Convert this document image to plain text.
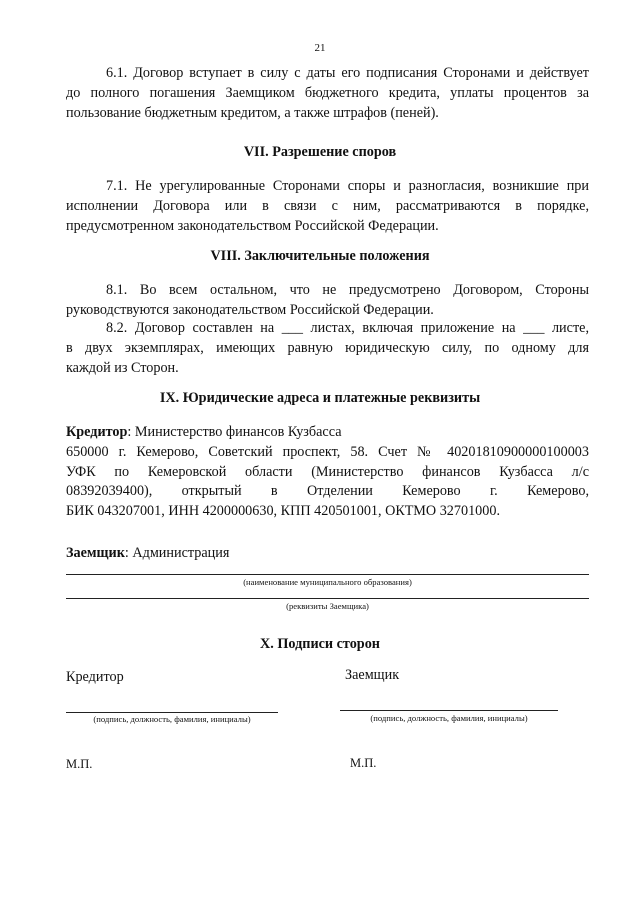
21
6.1. Договор вступает в силу с даты его подписания Сторонами и действует
до полного погашения Заемщиком бюджетного кредита, уплаты процентов за
пользование бюджетным кредитом, а также штрафов (пеней).
VII. Разрешение споров
7.1. Не урегулированные Сторонами споры и разногласия, возникшие при
исполнении Договора или в связи с ним, рассматриваются в порядке,
предусмотренном законодательством Российской Федерации.
VIII. Заключительные положения
8.1. Во всем остальном, что не предусмотрено Договором, Стороны
руководствуются законодательством Российской Федерации.
8.2. Договор составлен на ___ листах, включая приложение на ___ листе,
в двух экземплярах, имеющих равную юридическую силу, по одному для
каждой из Сторон.
IX. Юридические адреса и платежные реквизиты
Кредитор: Министерство финансов Кузбасса
650000 г. Кемерово, Советский проспект, 58. Счет № 40201810900000100003
УФК по Кемеровской области (Министерство финансов Кузбасса л/с
08392039400), открытый в Отделении Кемерово г. Кемерово,
БИК 043207001, ИНН 4200000630, КПП 420501001, ОКТМО 32701000.
Заемщик: Администрация
(наименование муниципального образования)
(реквизиты Заемщика)
X. Подписи сторон
Кредитор	Заемщик
(подпись, должность, фамилия, инициалы)	(подпись, должность, фамилия, инициалы)
М.П.	М.П.
